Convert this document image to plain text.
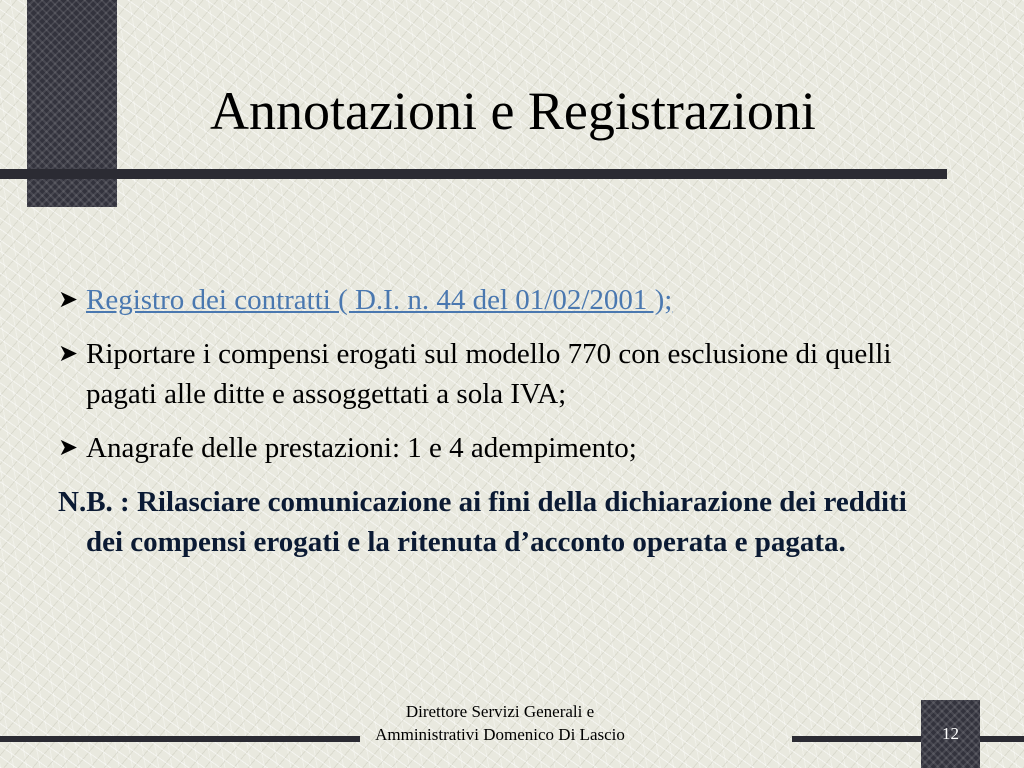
Annotazioni e Registrazioni
➤ Registro dei contratti ( D.I. n. 44 del 01/02/2001 );
➤ Riportare i compensi erogati sul modello 770 con esclusione di quelli pagati alle ditte e assoggettati a sola IVA;
➤ Anagrafe delle prestazioni: 1 e 4 adempimento;
N.B. : Rilasciare comunicazione ai fini della dichiarazione dei redditi dei compensi erogati e la ritenuta d’acconto operata e pagata.
Direttore Servizi Generali e
Amministrativi Domenico Di Lascio	12
